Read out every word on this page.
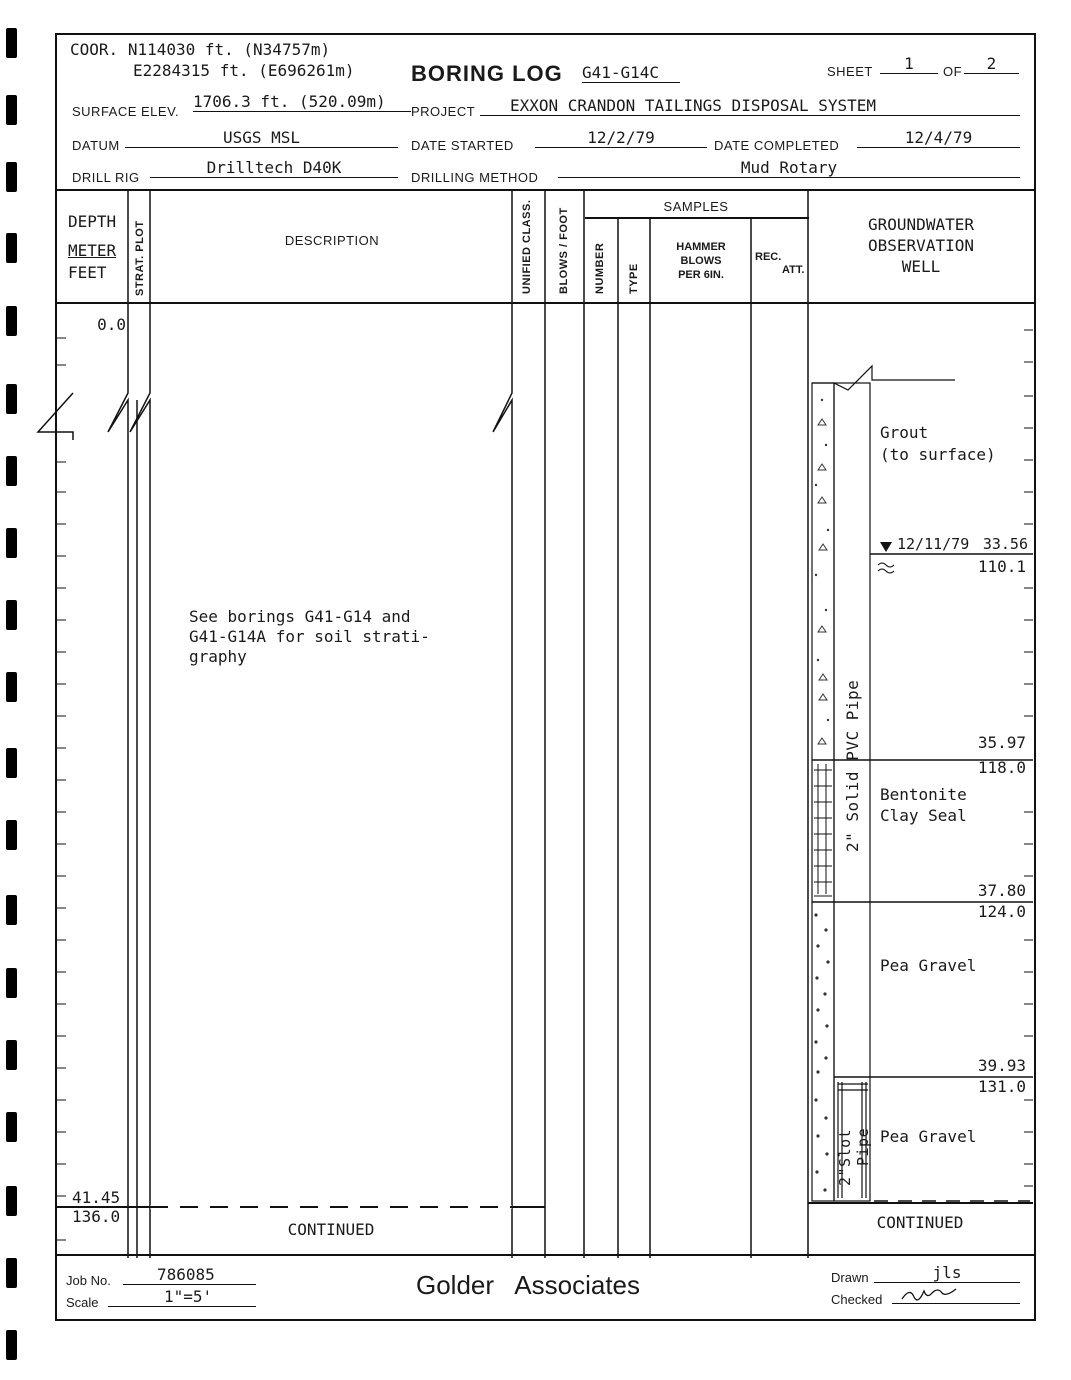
COOR. N114030 ft. (N34757m)
E2284315 ft. (E696261m)	BORING LOG G41-G14C	SHEET	1	OF	2
SURFACE ELEV.
1706.3 ft. (520.09m)
PROJECT	EXXON CRANDON TAILINGS DISPOSAL SYSTEM
DATUM	USGS MSL	DATE STARTED	12/2/79	DATE COMPLETED	12/4/79
DRILL RIG
Drilltech D40K
DRILLING METHOD
Mud Rotary
DEPTH
METER
FEET STRAT. PLOT	DESCRIPTION	UNIFIED CLASS. BLOWS / FOOT
SAMPLES
NUMBER TYPE
HAMMER
BLOWS
PER 6IN.
REC.
ATT.
GROUNDWATER
OBSERVATION
WELL
0.0
See borings G41-G14 and
G41-G14A for soil strati-
graphy
41.45
136.0
CONTINUED
Grout
(to surface)
12/11/79 33.56
110.1
2" Solid PVC Pipe	35.97
118.0
Bentonite
Clay Seal
37.80
124.0
Pea Gravel
39.93
131.0
2"Slot Pipe Pea Gravel
CONTINUED
Job No.	786085
Scale	1"=5'	Golder   Associates	Drawn	jls
Checked
